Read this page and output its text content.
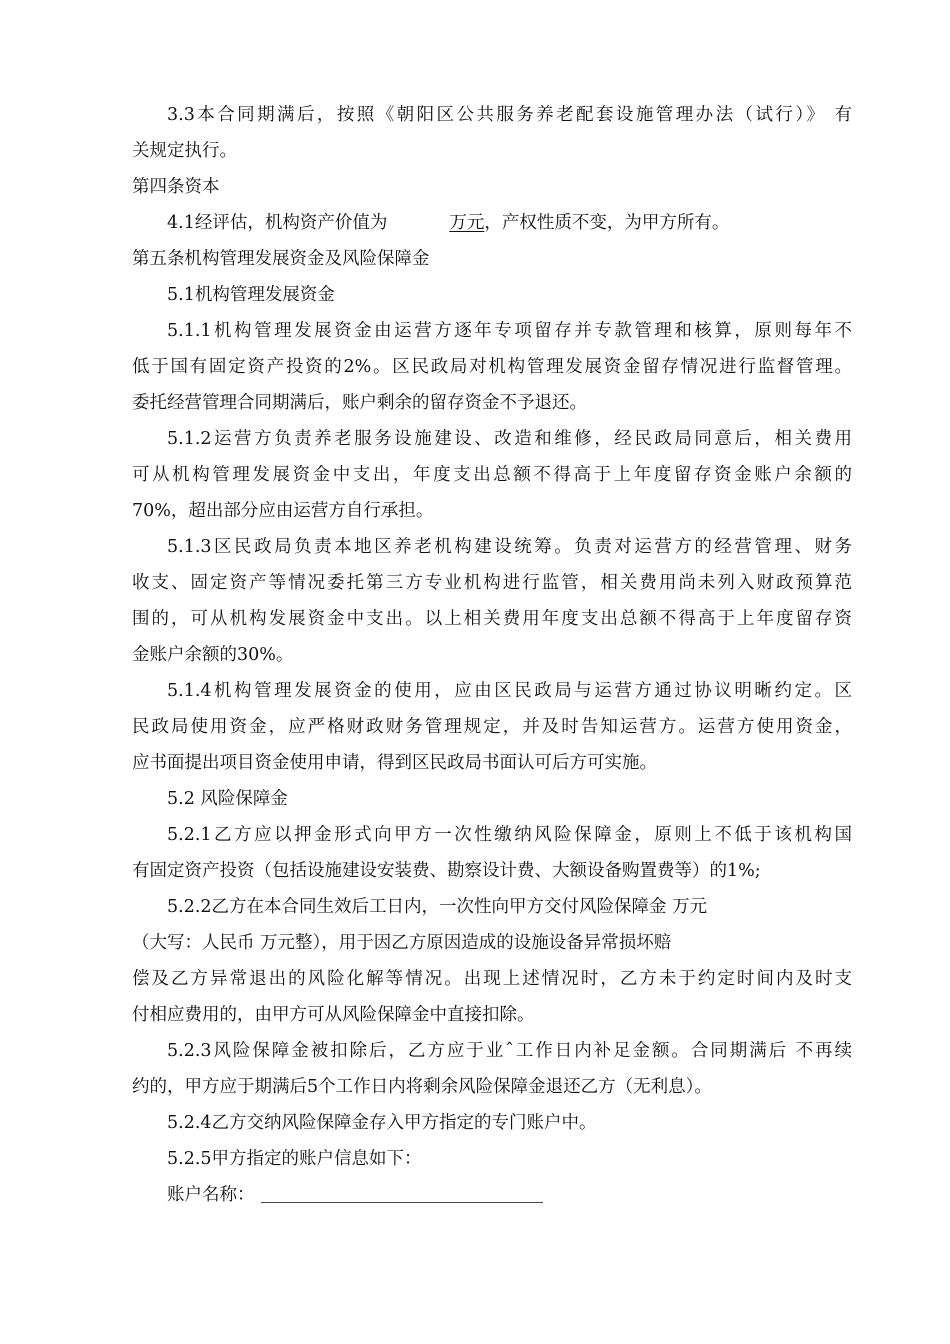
3.3本合同期满后，按照《朝阳区公共服务养老配套设施管理办法（试行）》 有
关规定执行。
第四条资本
4.1经评估，机构资产价值为	万元，产权性质不变，为甲方所有。
第五条机构管理发展资金及风险保障金
5.1机构管理发展资金
5.1.1机构管理发展资金由运营方逐年专项留存并专款管理和核算，原则每年不
低于国有固定资产投资的2%。区民政局对机构管理发展资金留存情况进行监督管理。
委托经营管理合同期满后，账户剩余的留存资金不予退还。
5.1.2运营方负责养老服务设施建设、改造和维修，经民政局同意后，相关费用
可从机构管理发展资金中支出，年度支出总额不得高于上年度留存资金账户余额的
70%，超出部分应由运营方自行承担。
5.1.3区民政局负责本地区养老机构建设统筹。负责对运营方的经营管理、财务
收支、固定资产等情况委托第三方专业机构进行监管，相关费用尚未列入财政预算范
围的，可从机构发展资金中支出。以上相关费用年度支出总额不得高于上年度留存资
金账户余额的30%。
5.1.4机构管理发展资金的使用，应由区民政局与运营方通过协议明晰约定。区
民政局使用资金，应严格财政财务管理规定，并及时告知运营方。运营方使用资金，
应书面提出项目资金使用申请，得到区民政局书面认可后方可实施。
5.2 风险保障金
5.2.1乙方应以押金形式向甲方一次性缴纳风险保障金，原则上不低于该机构国
有固定资产投资（包括设施建设安装费、勘察设计费、大额设备购置费等）的1%;
5.2.2乙方在本合同生效后工日内，一次性向甲方交付风险保障金 万元
（大写：人民币 万元整），用于因乙方原因造成的设施设备异常损坏赔
偿及乙方异常退出的风险化解等情况。出现上述情况时，乙方未于约定时间内及时支
付相应费用的，由甲方可从风险保障金中直接扣除。
5.2.3风险保障金被扣除后，乙方应于业ˆ工作日内补足金额。合同期满后 不再续
约的，甲方应于期满后5个工作日内将剩余风险保障金退还乙方（无利息）。
5.2.4乙方交纳风险保障金存入甲方指定的专门账户中。
5.2.5甲方指定的账户信息如下：
账户名称：
